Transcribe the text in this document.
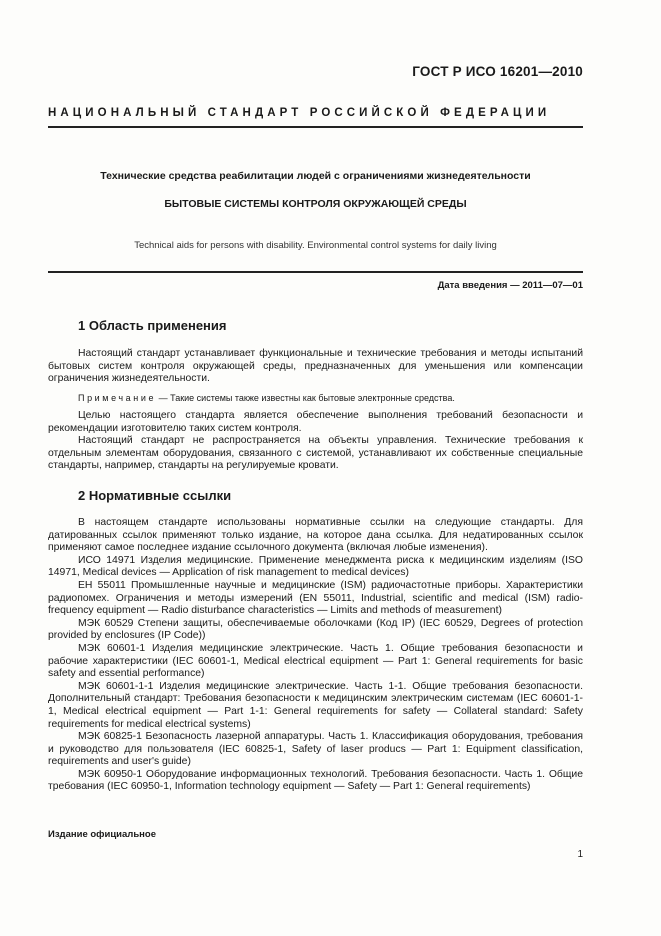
ГОСТ Р ИСО 16201—2010
НАЦИОНАЛЬНЫЙ СТАНДАРТ РОССИЙСКОЙ ФЕДЕРАЦИИ
Технические средства реабилитации людей с ограничениями жизнедеятельности
БЫТОВЫЕ СИСТЕМЫ КОНТРОЛЯ ОКРУЖАЮЩЕЙ СРЕДЫ
Technical aids for persons with disability. Environmental control systems for daily living
Дата введения — 2011—07—01
1 Область применения

Настоящий стандарт устанавливает функциональные и технические требования и методы испытаний бытовых систем контроля окружающей среды, предназначенных для уменьшения или компенсации ограничения жизнедеятельности.

Примечание — Такие системы также известны как бытовые электронные средства.

Целью настоящего стандарта является обеспечение выполнения требований безопасности и рекомендации изготовителю таких систем контроля.

Настоящий стандарт не распространяется на объекты управления. Технические требования к отдельным элементам оборудования, связанного с системой, устанавливают их собственные специальные стандарты, например, стандарты на регулируемые кровати.

2 Нормативные ссылки

В настоящем стандарте использованы нормативные ссылки на следующие стандарты. Для датированных ссылок применяют только издание, на которое дана ссылка. Для недатированных ссылок применяют самое последнее издание ссылочного документа (включая любые изменения).

ИСО 14971 Изделия медицинские. Применение менеджмента риска к медицинским изделиям (ISO 14971, Medical devices — Application of risk management to medical devices)

ЕН 55011 Промышленные научные и медицинские (ISM) радиочастотные приборы. Характеристики радиопомех. Ограничения и методы измерений (EN 55011, Industrial, scientific and medical (ISM) radio-frequency equipment — Radio disturbance characteristics — Limits and methods of measurement)

МЭК 60529 Степени защиты, обеспечиваемые оболочками (Код IP) (IEC 60529, Degrees of protection provided by enclosures (IP Code))

МЭК 60601-1 Изделия медицинские электрические. Часть 1. Общие требования безопасности и рабочие характеристики (IEC 60601-1, Medical electrical equipment — Part 1: General requirements for basic safety and essential performance)

МЭК 60601-1-1 Изделия медицинские электрические. Часть 1-1. Общие требования безопасности. Дополнительный стандарт: Требования безопасности к медицинским электрическим системам (IEC 60601-1-1, Medical electrical equipment — Part 1-1: General requirements for safety — Collateral standard: Safety requirements for medical electrical systems)

МЭК 60825-1 Безопасность лазерной аппаратуры. Часть 1. Классификация оборудования, требования и руководство для пользователя (IEC 60825-1, Safety of laser producs — Part 1: Equipment classification, requirements and user's guide)

МЭК 60950-1 Оборудование информационных технологий. Требования безопасности. Часть 1. Общие требования (IEC 60950-1, Information technology equipment — Safety — Part 1: General requirements)

Издание официальное
1
